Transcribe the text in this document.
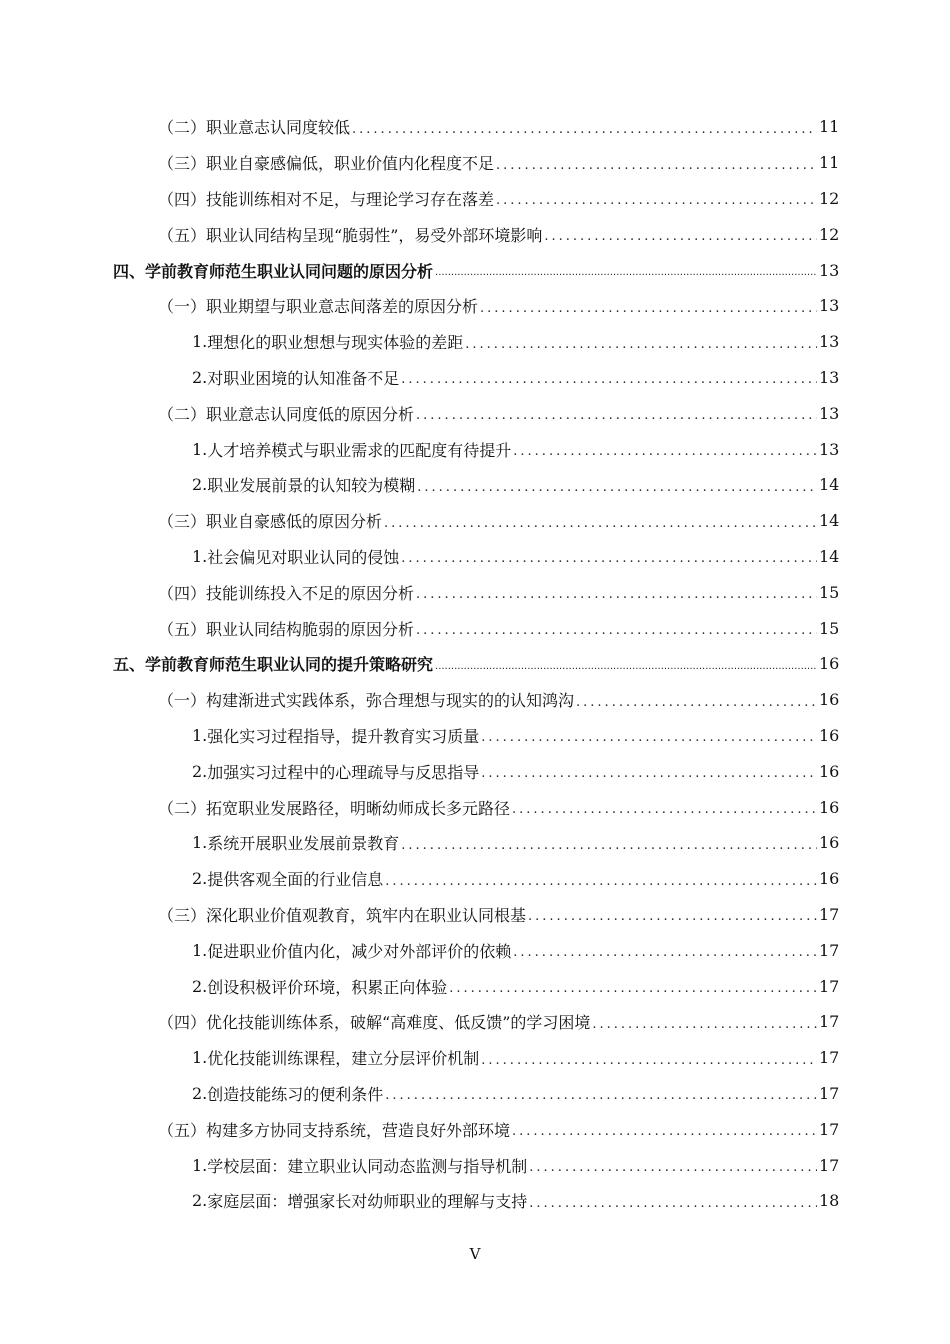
（二） 职业意志认同度较低 .....	11
（三） 职业自豪感偏低，职业价值内化程度不足 .....	11
（四） 技能训练相对不足，与理论学习存在落差 .....	12
（五） 职业认同结构呈现“脆弱性”，易受外部环境影响 .....	12
四、学前教育师范生职业认同问题的原因分析 .....	13
（一） 职业期望与职业意志间落差的原因分析 .....	13
1. 理想化的职业想想与现实体验的差距 .....	13
2. 对职业困境的认知准备不足 .....	13
（二） 职业意志认同度低的原因分析 .....	13
1. 人才培养模式与职业需求的匹配度有待提升 .....	13
2. 职业发展前景的认知较为模糊 .....	14
（三） 职业自豪感低的原因分析 .....	14
1. 社会偏见对职业认同的侵蚀 .....	14
（四） 技能训练投入不足的原因分析 .....	15
（五） 职业认同结构脆弱的原因分析 .....	15
五、学前教育师范生职业认同的提升策略研究 .....	16
（一） 构建渐进式实践体系，弥合理想与现实的的认知鸿沟 .....	16
1. 强化实习过程指导，提升教育实习质量 .....	16
2. 加强实习过程中的心理疏导与反思指导 .....	16
（二） 拓宽职业发展路径，明晰幼师成长多元路径 .....	16
1. 系统开展职业发展前景教育 .....	16
2. 提供客观全面的行业信息 .....	16
（三） 深化职业价值观教育，筑牢内在职业认同根基 .....	17
1. 促进职业价值内化，减少对外部评价的依赖 .....	17
2. 创设积极评价环境，积累正向体验 .....	17
（四） 优化技能训练体系，破解“高难度、低反馈”的学习困境 .....	17
1. 优化技能训练课程，建立分层评价机制 .....	17
2. 创造技能练习的便利条件 .....	17
（五） 构建多方协同支持系统，营造良好外部环境 .....	17
1. 学校层面：建立职业认同动态监测与指导机制 .....	17
2. 家庭层面：增强家长对幼师职业的理解与支持 .....	18
V
